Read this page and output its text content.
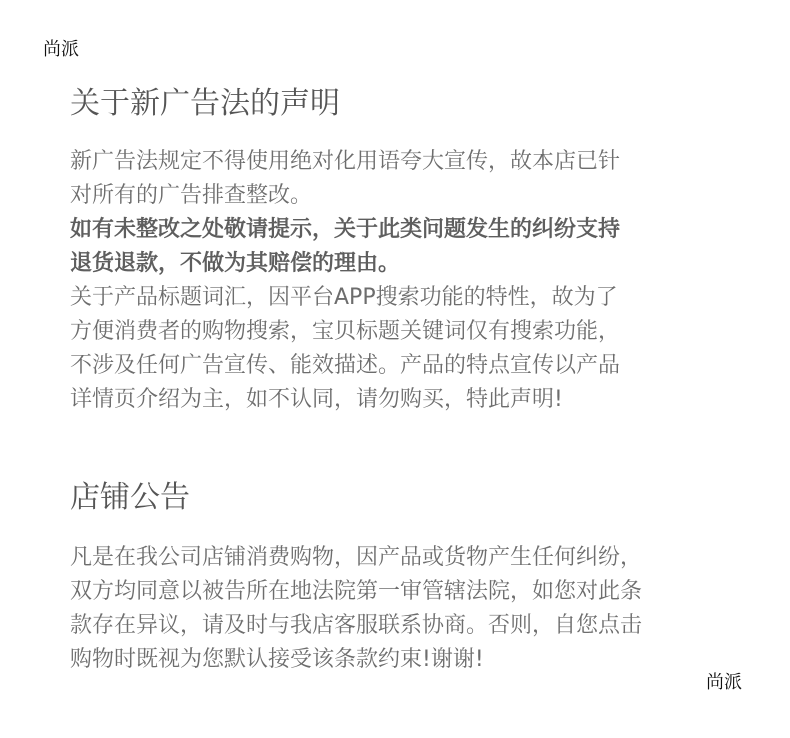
尚派
关于新广告法的声明

新广告法规定不得使用绝对化用语夸大宣传，故本店已针
对所有的广告排查整改。
如有未整改之处敬请提示，关于此类问题发生的纠纷支持
退货退款，不做为其赔偿的理由。
关于产品标题词汇，因平台APP搜索功能的特性，故为了
方便消费者的购物搜索，宝贝标题关键词仅有搜索功能，
不涉及任何广告宣传、能效描述。产品的特点宣传以产品
详情页介绍为主，如不认同，请勿购买，特此声明!

店铺公告

凡是在我公司店铺消费购物，因产品或货物产生任何纠纷，
双方均同意以被告所在地法院第一审管辖法院，如您对此条
款存在异议，请及时与我店客服联系协商。否则，自您点击
购物时既视为您默认接受该条款约束!谢谢!

尚派
